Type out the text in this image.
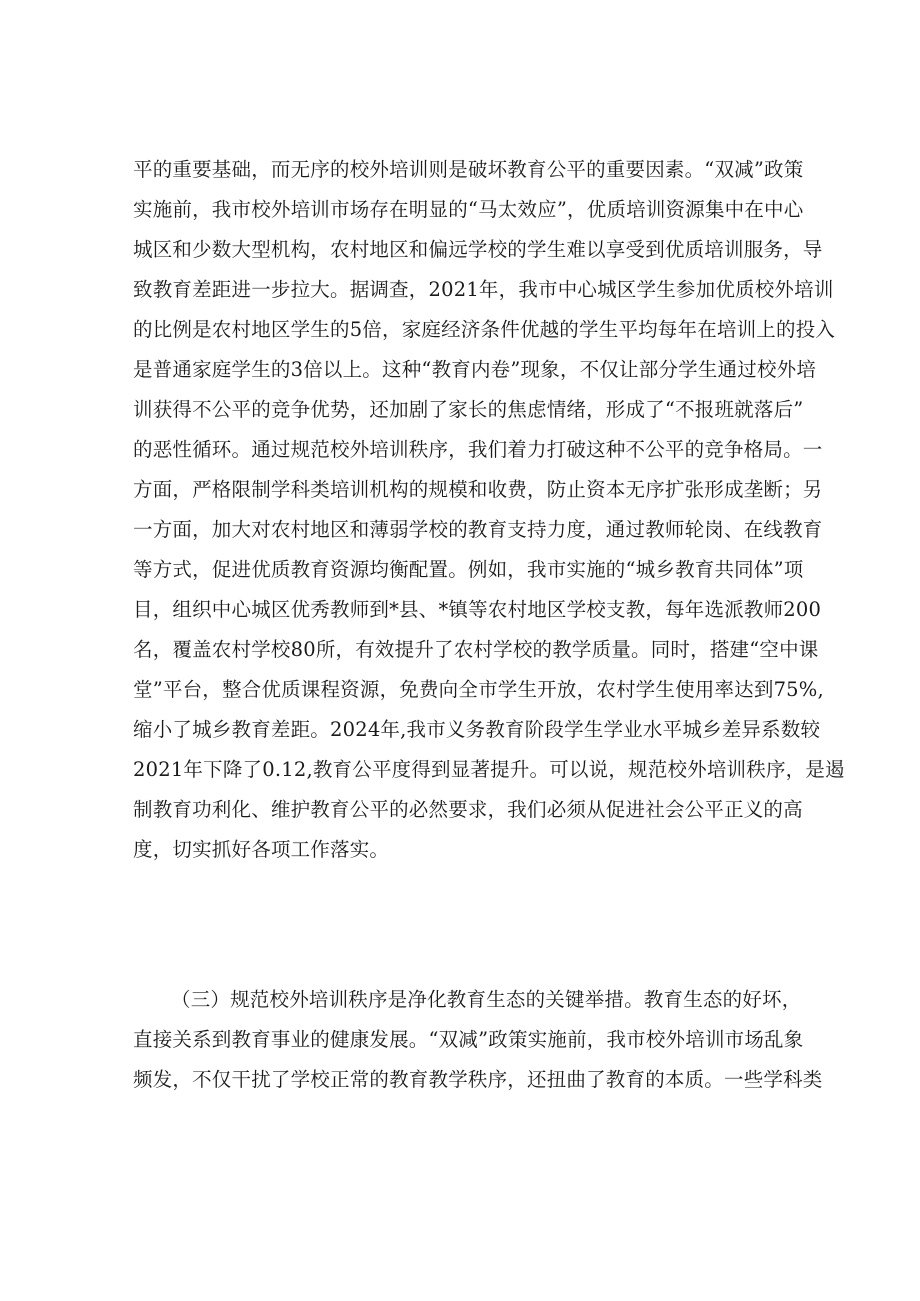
平的重要基础，而无序的校外培训则是破坏教育公平的重要因素。“双减”政策
实施前，我市校外培训市场存在明显的“马太效应”，优质培训资源集中在中心
城区和少数大型机构，农村地区和偏远学校的学生难以享受到优质培训服务，导
致教育差距进一步拉大。据调查，2021年，我市中心城区学生参加优质校外培训
的比例是农村地区学生的5倍，家庭经济条件优越的学生平均每年在培训上的投入
是普通家庭学生的3倍以上。这种“教育内卷”现象，不仅让部分学生通过校外培
训获得不公平的竞争优势，还加剧了家长的焦虑情绪，形成了“不报班就落后”
的恶性循环。通过规范校外培训秩序，我们着力打破这种不公平的竞争格局。一
方面，严格限制学科类培训机构的规模和收费，防止资本无序扩张形成垄断；另
一方面，加大对农村地区和薄弱学校的教育支持力度，通过教师轮岗、在线教育
等方式，促进优质教育资源均衡配置。例如，我市实施的“城乡教育共同体”项
目，组织中心城区优秀教师到*县、*镇等农村地区学校支教，每年选派教师200
名，覆盖农村学校80所，有效提升了农村学校的教学质量。同时，搭建“空中课
堂”平台，整合优质课程资源，免费向全市学生开放，农村学生使用率达到75%,
缩小了城乡教育差距。2024年,我市义务教育阶段学生学业水平城乡差异系数较
2021年下降了0.12,教育公平度得到显著提升。可以说，规范校外培训秩序，是遏
制教育功利化、维护教育公平的必然要求，我们必须从促进社会公平正义的高
度，切实抓好各项工作落实。
（三）规范校外培训秩序是净化教育生态的关键举措。教育生态的好坏，
直接关系到教育事业的健康发展。“双减”政策实施前，我市校外培训市场乱象
频发，不仅干扰了学校正常的教育教学秩序，还扭曲了教育的本质。一些学科类
